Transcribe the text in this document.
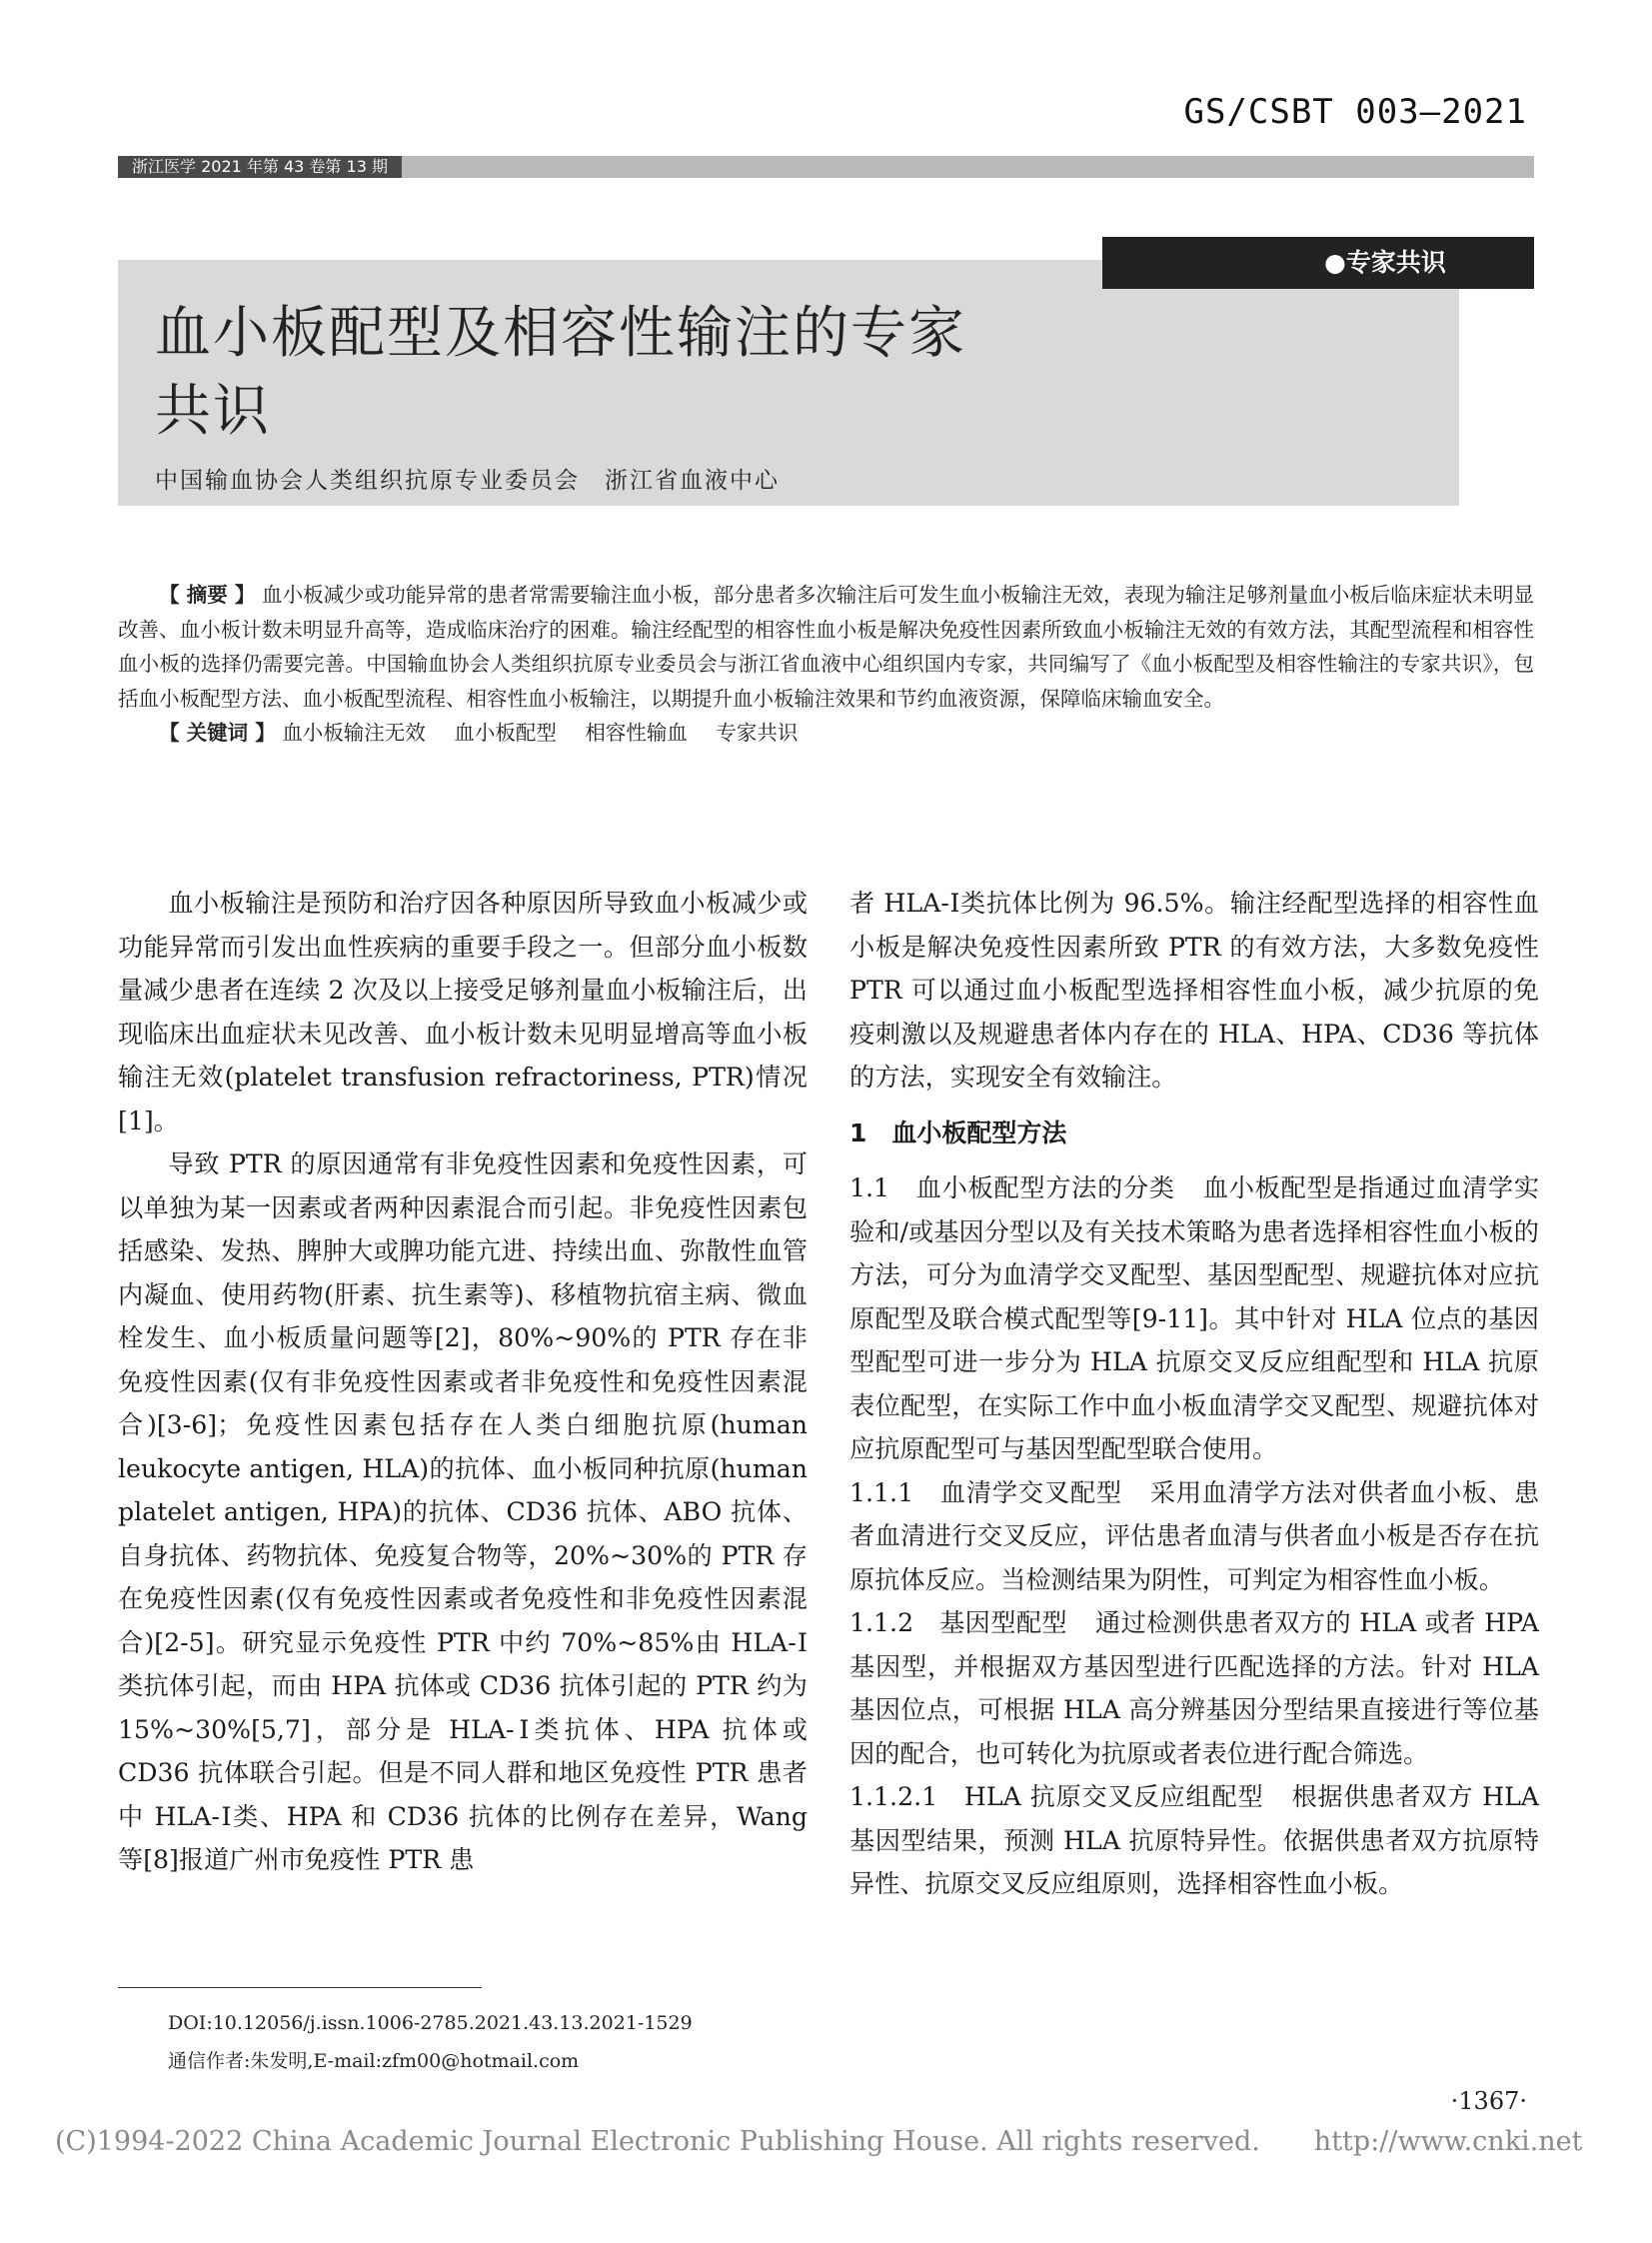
GS/CSBT 003—2021
浙江医学 2021 年第 43 卷第 13 期
●专家共识
血小板配型及相容性输注的专家
共识
中国输血协会人类组织抗原专业委员会　浙江省血液中心

【 摘要 】 血小板减少或功能异常的患者常需要输注血小板，部分患者多次输注后可发生血小板输注无效，表现为输注足够剂量血小板后临床症状未明显改善、血小板计数未明显升高等，造成临床治疗的困难。输注经配型的相容性血小板是解决免疫性因素所致血小板输注无效的有效方法，其配型流程和相容性血小板的选择仍需要完善。中国输血协会人类组织抗原专业委员会与浙江省血液中心组织国内专家，共同编写了《血小板配型及相容性输注的专家共识》，包括血小板配型方法、血小板配型流程、相容性血小板输注，以期提升血小板输注效果和节约血液资源，保障临床输血安全。

【 关键词 】 血小板输注无效 血小板配型 相容性输血 专家共识

血小板输注是预防和治疗因各种原因所导致血小板减少或功能异常而引发出血性疾病的重要手段之一。但部分血小板数量减少患者在连续 2 次及以上接受足够剂量血小板输注后，出现临床出血症状未见改善、血小板计数未见明显增高等血小板输注无效(platelet transfusion refractoriness, PTR)情况[1]。

导致 PTR 的原因通常有非免疫性因素和免疫性因素，可以单独为某一因素或者两种因素混合而引起。非免疫性因素包括感染、发热、脾肿大或脾功能亢进、持续出血、弥散性血管内凝血、使用药物(肝素、抗生素等)、移植物抗宿主病、微血栓发生、血小板质量问题等[2]，80%~90%的 PTR 存在非免疫性因素(仅有非免疫性因素或者非免疫性和免疫性因素混合)[3-6]；免疫性因素包括存在人类白细胞抗原(human leukocyte antigen, HLA)的抗体、血小板同种抗原(human platelet antigen, HPA)的抗体、CD36 抗体、ABO 抗体、自身抗体、药物抗体、免疫复合物等，20%~30%的 PTR 存在免疫性因素(仅有免疫性因素或者免疫性和非免疫性因素混合)[2-5]。研究显示免疫性 PTR 中约 70%~85%由 HLA-Ⅰ类抗体引起，而由 HPA 抗体或 CD36 抗体引起的 PTR 约为 15%~30%[5,7]，部分是 HLA-Ⅰ类抗体、HPA 抗体或 CD36 抗体联合引起。但是不同人群和地区免疫性 PTR 患者中 HLA-Ⅰ类、HPA 和 CD36 抗体的比例存在差异，Wang 等[8]报道广州市免疫性 PTR 患

者 HLA-Ⅰ类抗体比例为 96.5%。输注经配型选择的相容性血小板是解决免疫性因素所致 PTR 的有效方法，大多数免疫性 PTR 可以通过血小板配型选择相容性血小板，减少抗原的免疫刺激以及规避患者体内存在的 HLA、HPA、CD36 等抗体的方法，实现安全有效输注。

1　血小板配型方法

1.1　血小板配型方法的分类 血小板配型是指通过血清学实验和/或基因分型以及有关技术策略为患者选择相容性血小板的方法，可分为血清学交叉配型、基因型配型、规避抗体对应抗原配型及联合模式配型等[9-11]。其中针对 HLA 位点的基因型配型可进一步分为 HLA 抗原交叉反应组配型和 HLA 抗原表位配型，在实际工作中血小板血清学交叉配型、规避抗体对应抗原配型可与基因型配型联合使用。

1.1.1　血清学交叉配型 采用血清学方法对供者血小板、患者血清进行交叉反应，评估患者血清与供者血小板是否存在抗原抗体反应。当检测结果为阴性，可判定为相容性血小板。

1.1.2　基因型配型 通过检测供患者双方的 HLA 或者 HPA 基因型，并根据双方基因型进行匹配选择的方法。针对 HLA 基因位点，可根据 HLA 高分辨基因分型结果直接进行等位基因的配合，也可转化为抗原或者表位进行配合筛选。

1.1.2.1　HLA 抗原交叉反应组配型 根据供患者双方 HLA 基因型结果，预测 HLA 抗原特异性。依据供患者双方抗原特异性、抗原交叉反应组原则，选择相容性血小板。

DOI:10.12056/j.issn.1006-2785.2021.43.13.2021-1529
通信作者:朱发明,E-mail:zfm00@hotmail.com
·1367·
(C)1994-2022 China Academic Journal Electronic Publishing House. All rights reserved.　　http://www.cnki.net
